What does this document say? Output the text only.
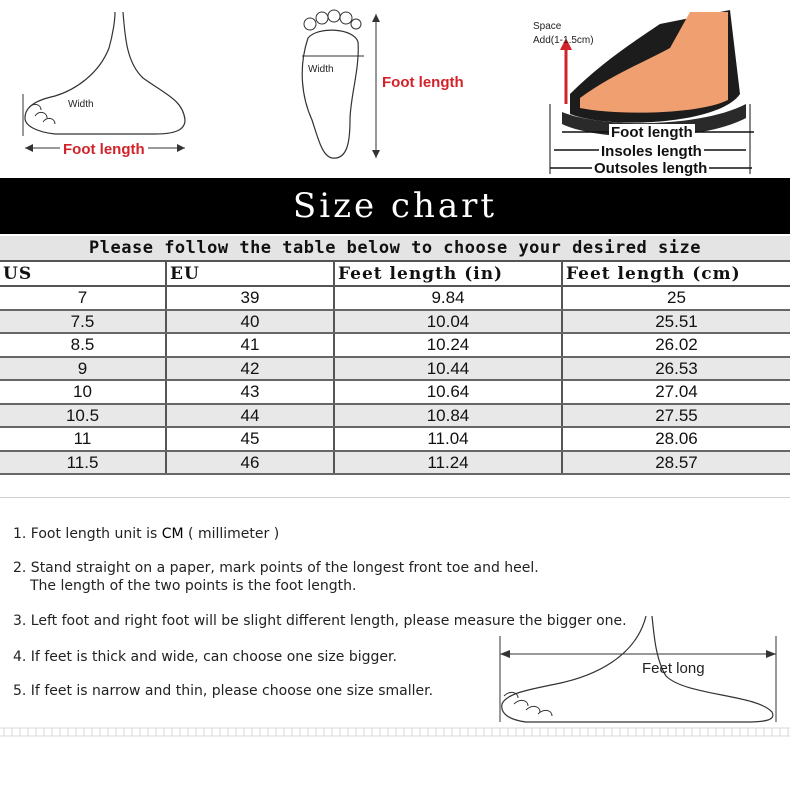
Width
Foot length
Width
Foot length
Space
Add(1-1.5cm)
Foot length
Insoles length
Outsoles length
Size chart
Please follow the table below to choose your desired size
US	EU	Feet length (in)	Feet length (cm)
7	39	9.84	25
7.5	40	10.04	25.51
8.5	41	10.24	26.02
9	42	10.44	26.53
10	43	10.64	27.04
10.5	44	10.84	27.55
11	45	11.04	28.06
11.5	46	11.24	28.57
1. Foot length unit is CM ( millimeter )
2. Stand straight on a paper, mark points of the longest front toe and heel.
The length of the two points is the foot length.
3. Left foot and right foot will be slight different length, please measure the bigger one.
4. If feet is thick and wide, can choose one size bigger.
5. If feet is narrow and thin, please choose one size smaller.
Feet long
